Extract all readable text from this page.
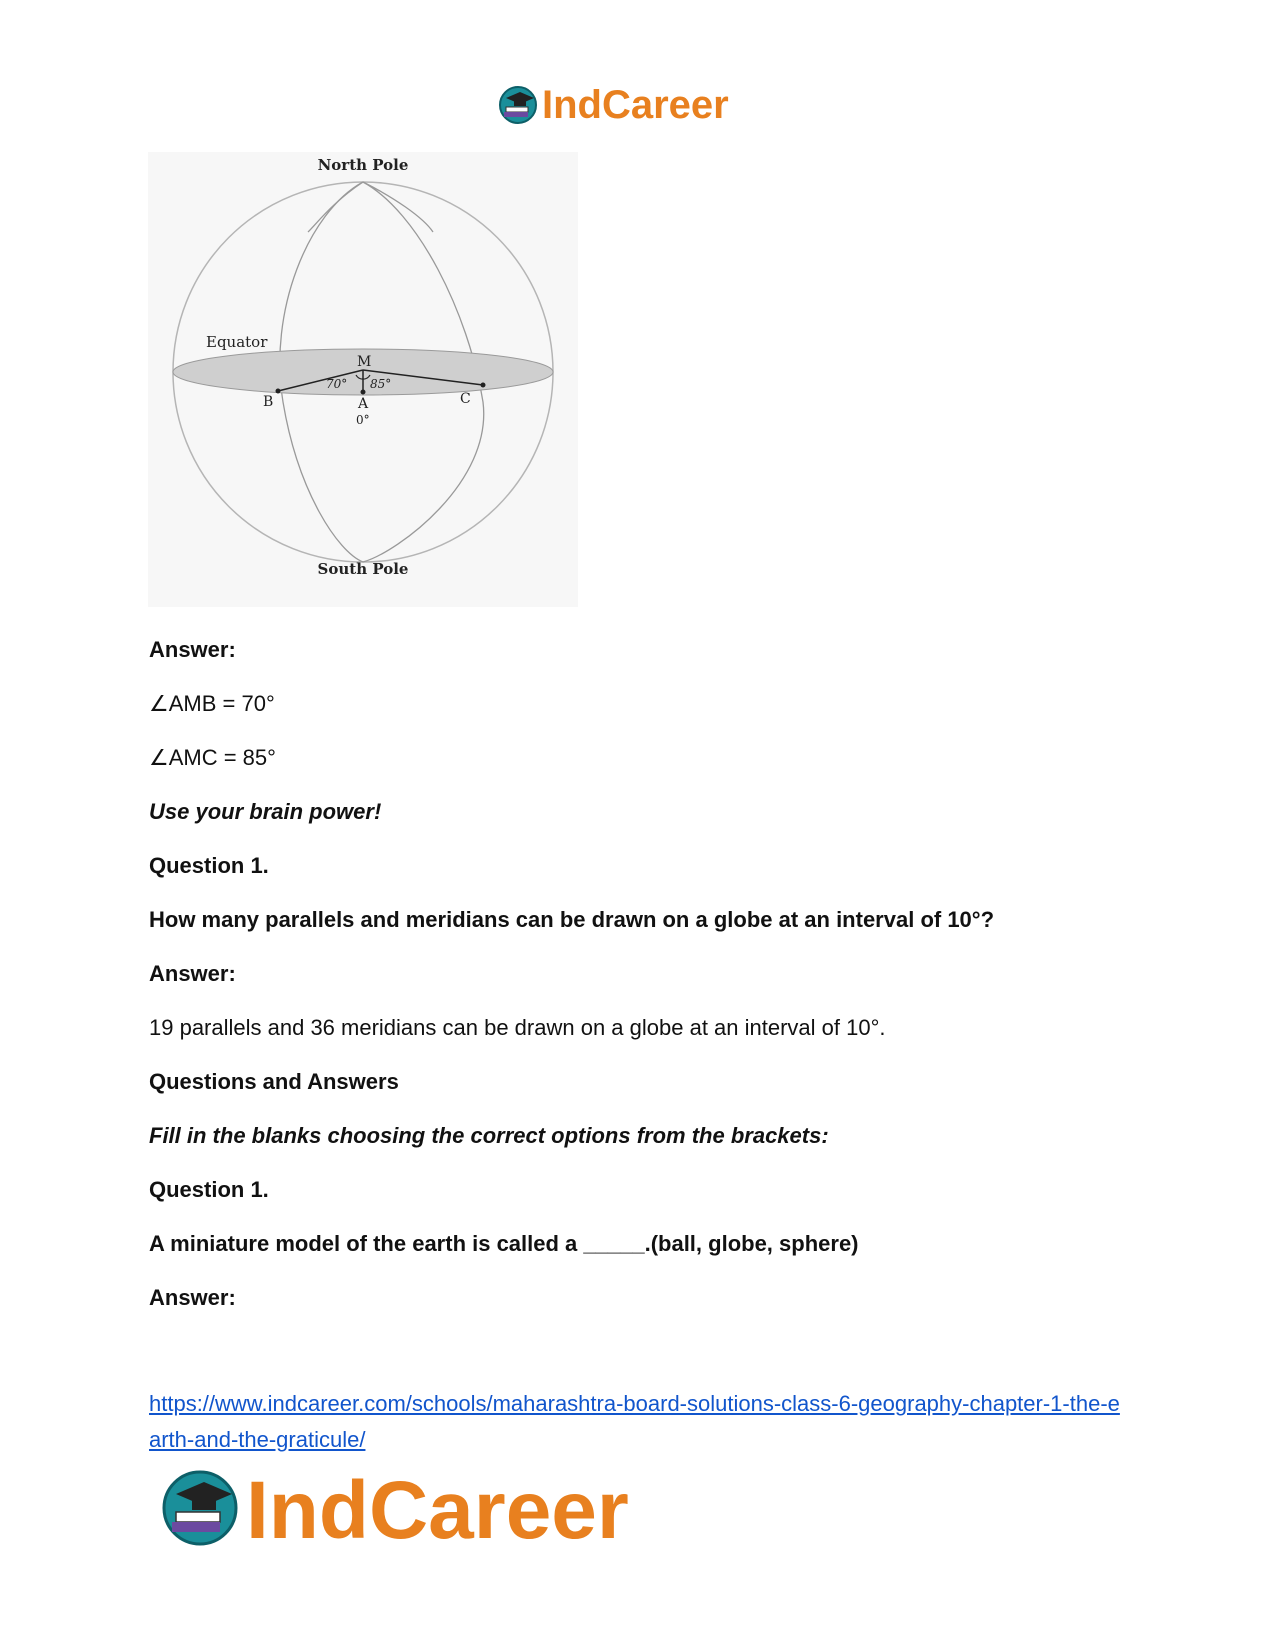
IndCareer
North Pole
South Pole
Equator
M
70° 85°
B	A	C
0°
Answer:
∠AMB = 70°
∠AMC = 85°
Use your brain power!
Question 1.
How many parallels and meridians can be drawn on a globe at an interval of 10°?
Answer:
19 parallels and 36 meridians can be drawn on a globe at an interval of 10°.
Questions and Answers
Fill in the blanks choosing the correct options from the brackets:
Question 1.
A miniature model of the earth is called a _____.(ball, globe, sphere)
Answer:
https://www.indcareer.com/schools/maharashtra-board-solutions-class-6-geography-chapter-1-the-earth-and-the-graticule/
IndCareer
